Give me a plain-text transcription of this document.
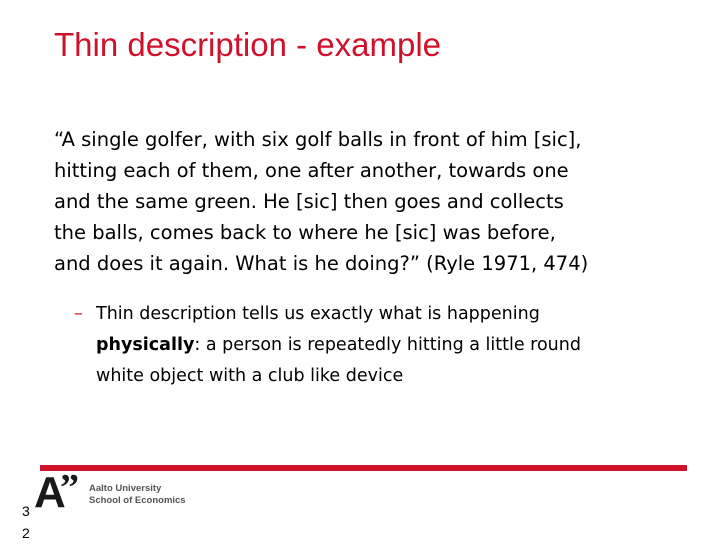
Thin description - example
“A single golfer, with six golf balls in front of him [sic],
hitting each of them, one after another, towards one
and the same green. He [sic] then goes and collects
the balls, comes back to where he [sic] was before,
and does it again. What is he doing?” (Ryle 1971, 474)
– Thin description tells us exactly what is happening
physically: a person is repeatedly hitting a little round
white object with a club like device
A
” Aalto University
School of Economics
3
2
